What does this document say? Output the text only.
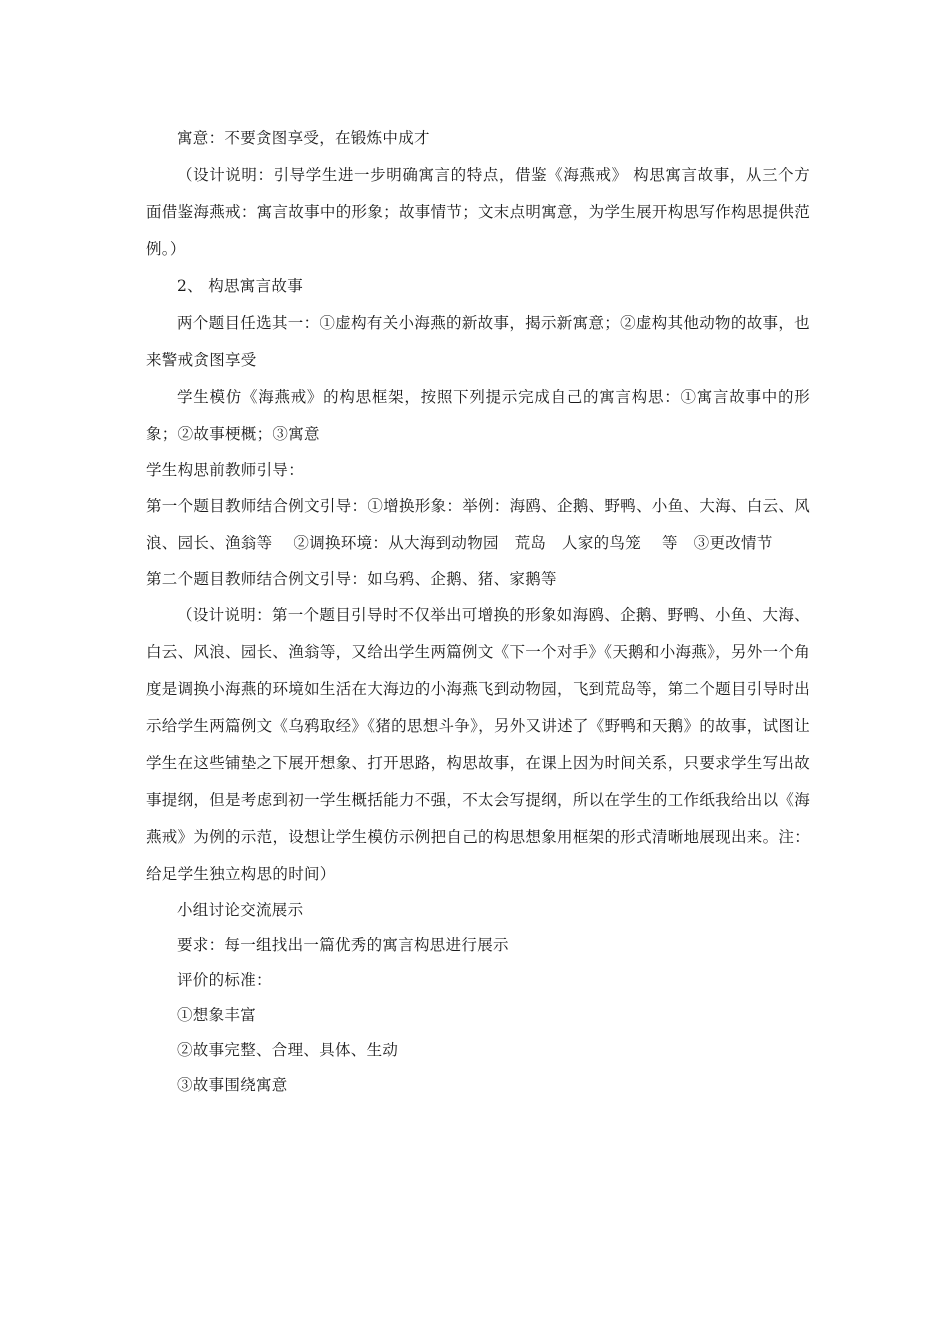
寓意：不要贪图享受，在锻炼中成才

（设计说明：引导学生进一步明确寓言的特点，借鉴《海燕戒》 构思寓言故事，从三个方面借鉴海燕戒：寓言故事中的形象；故事情节；文末点明寓意，为学生展开构思写作构思提供范例。）

2、 构思寓言故事

两个题目任选其一：①虚构有关小海燕的新故事，揭示新寓意；②虚构其他动物的故事，也来警戒贪图享受

学生模仿《海燕戒》的构思框架，按照下列提示完成自己的寓言构思：①寓言故事中的形象；②故事梗概；③寓意

学生构思前教师引导：

第一个题目教师结合例文引导：①增换形象：举例：海鸥、企鹅、野鸭、小鱼、大海、白云、风浪、园长、渔翁等　 ②调换环境：从大海到动物园　荒岛　人家的鸟笼　 等　③更改情节

第二个题目教师结合例文引导：如乌鸦、企鹅、猪、家鹅等

（设计说明：第一个题目引导时不仅举出可增换的形象如海鸥、企鹅、野鸭、小鱼、大海、白云、风浪、园长、渔翁等，又给出学生两篇例文《下一个对手》《天鹅和小海燕》，另外一个角度是调换小海燕的环境如生活在大海边的小海燕飞到动物园，飞到荒岛等，第二个题目引导时出示给学生两篇例文《乌鸦取经》《猪的思想斗争》，另外又讲述了《野鸭和天鹅》的故事，试图让学生在这些铺垫之下展开想象、打开思路，构思故事，在课上因为时间关系，只要求学生写出故事提纲，但是考虑到初一学生概括能力不强，不太会写提纲，所以在学生的工作纸我给出以《海燕戒》为例的示范，设想让学生模仿示例把自己的构思想象用框架的形式清晰地展现出来。注：给足学生独立构思的时间）

小组讨论交流展示

要求：每一组找出一篇优秀的寓言构思进行展示

评价的标准：

①想象丰富

②故事完整、合理、具体、生动

③故事围绕寓意
